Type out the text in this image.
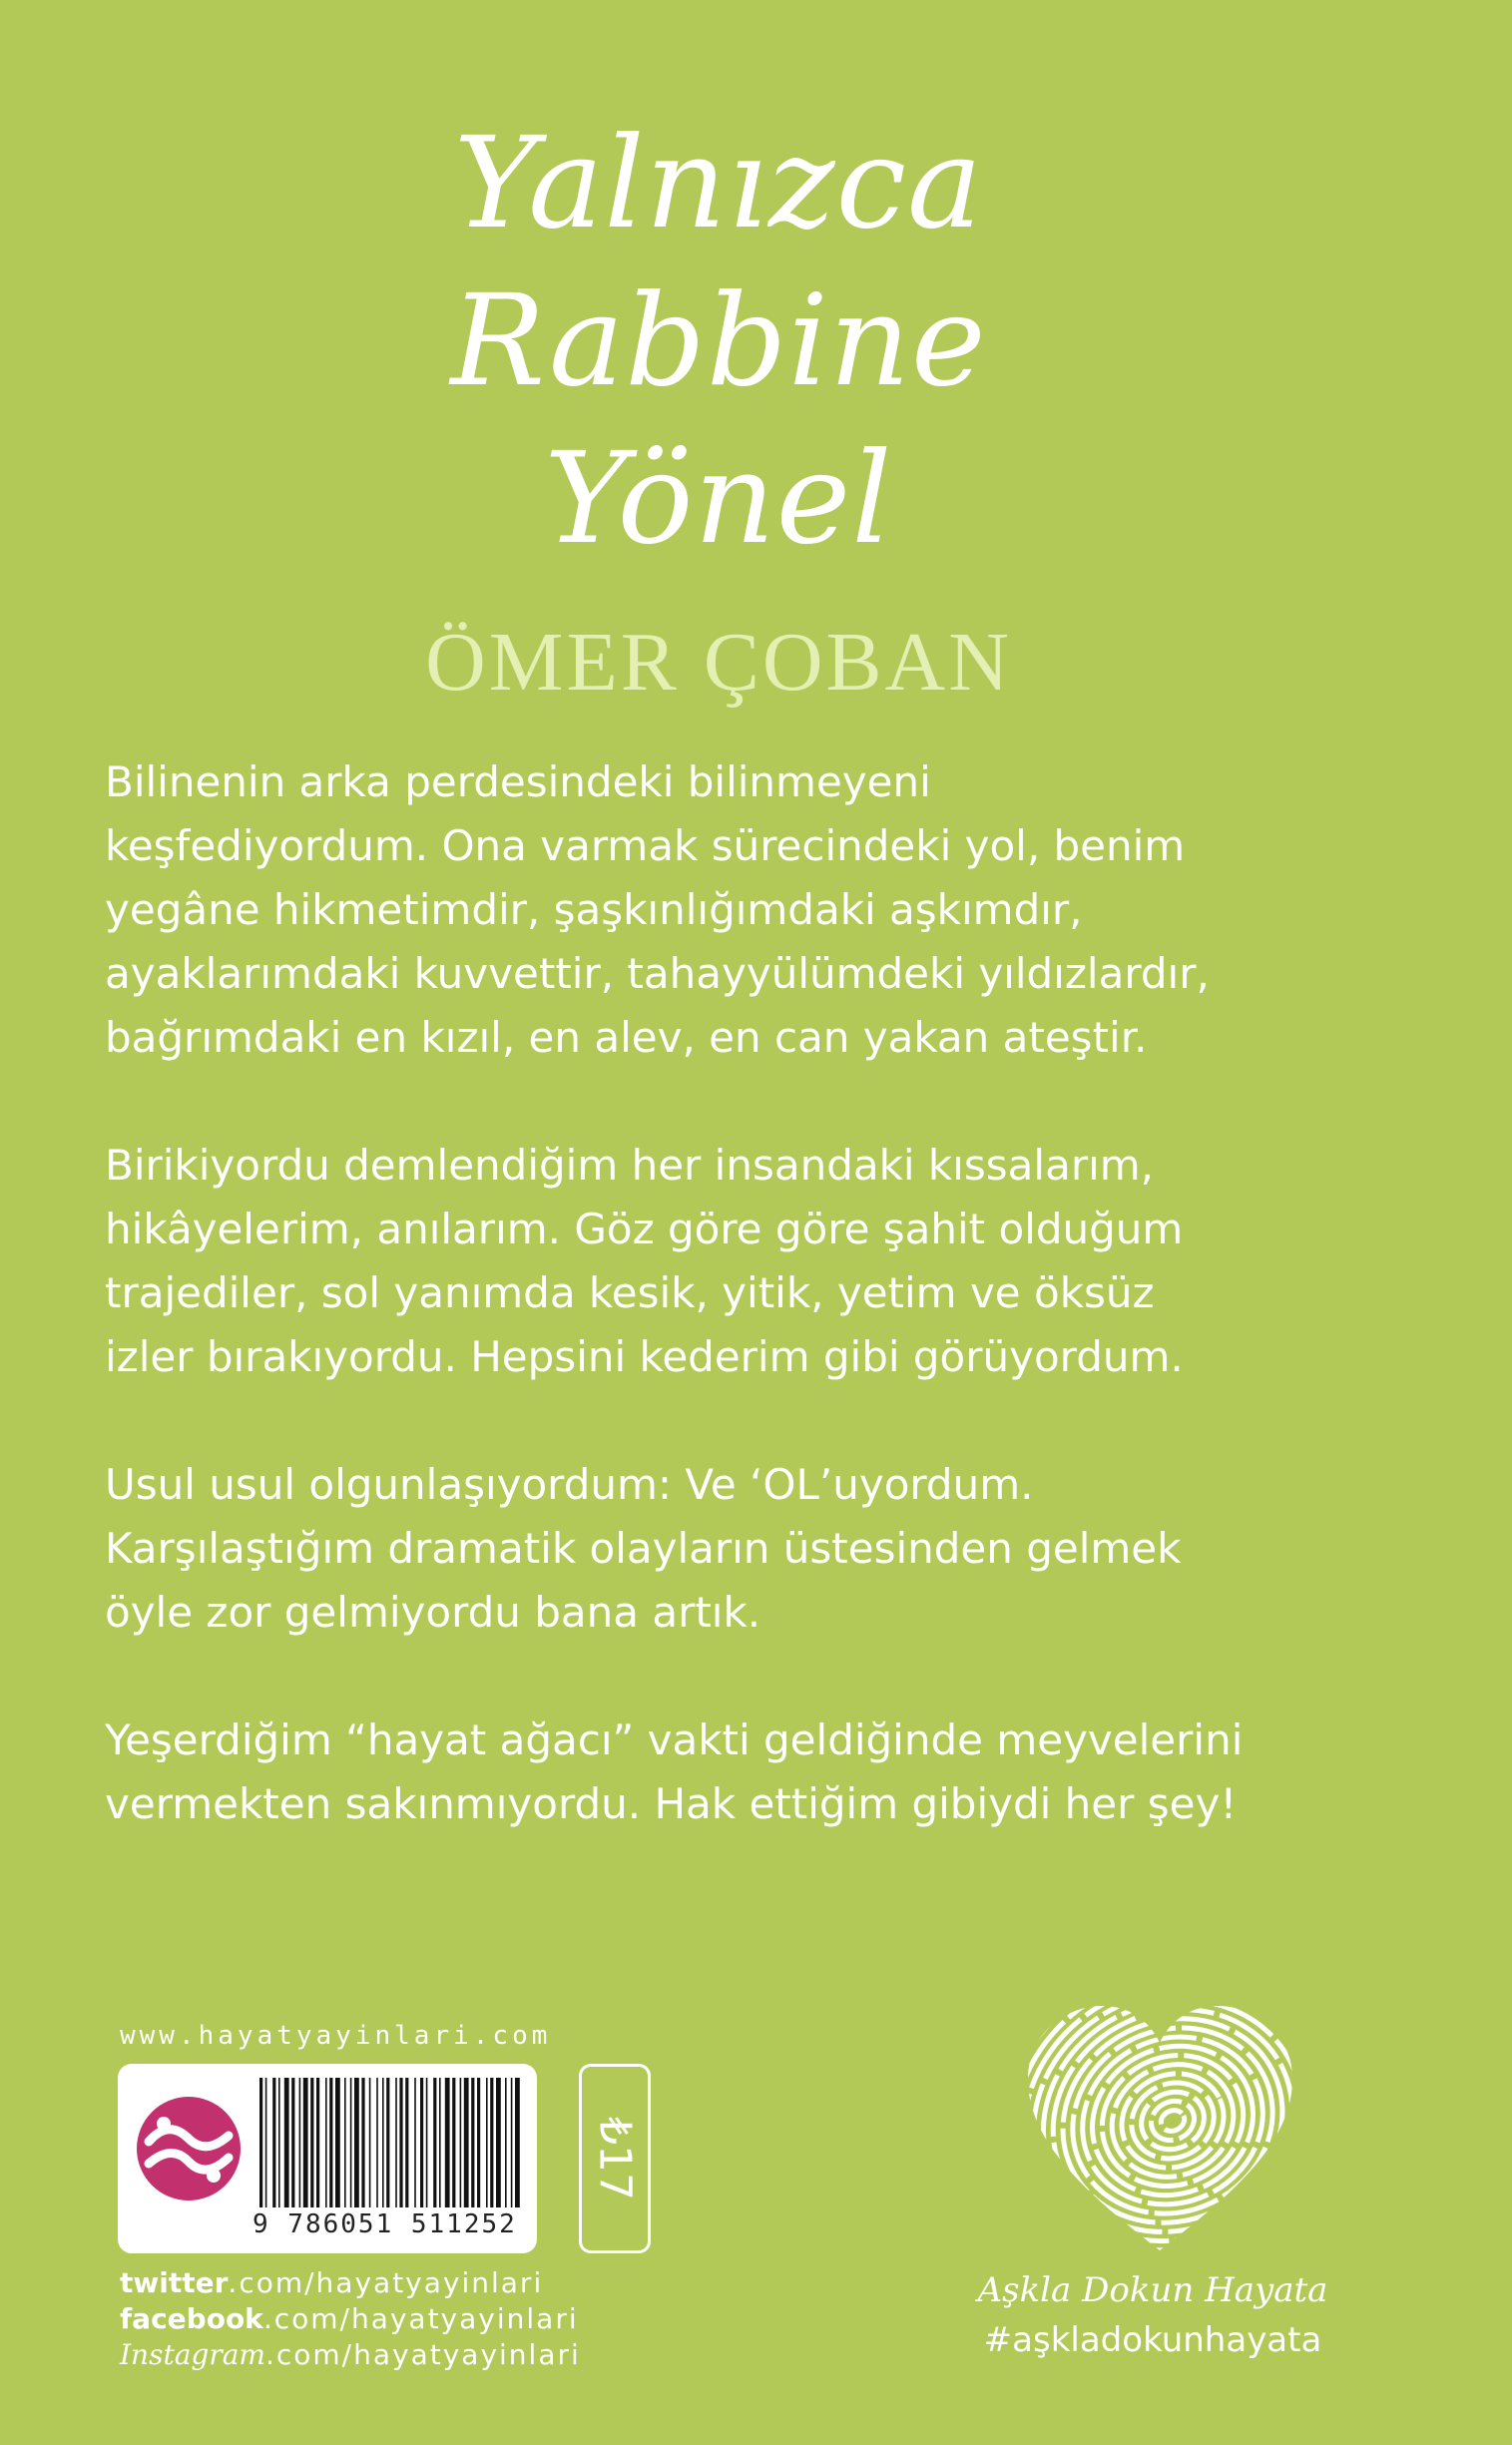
Yalnızca
Rabbine
Yönel
ÖMER ÇOBAN
Bilinenin arka perdesindeki bilinmeyeni
keşfediyordum. Ona varmak sürecindeki yol, benim
yegâne hikmetimdir, şaşkınlığımdaki aşkımdır,
ayaklarımdaki kuvvettir, tahayyülümdeki yıldızlardır,
bağrımdaki en kızıl, en alev, en can yakan ateştir.
Birikiyordu demlendiğim her insandaki kıssalarım,
hikâyelerim, anılarım. Göz göre göre şahit olduğum
trajediler, sol yanımda kesik, yitik, yetim ve öksüz
izler bırakıyordu. Hepsini kederim gibi görüyordum.
Usul usul olgunlaşıyordum: Ve ‘OL’uyordum.
Karşılaştığım dramatik olayların üstesinden gelmek
öyle zor gelmiyordu bana artık.
Yeşerdiğim “hayat ağacı” vakti geldiğinde meyvelerini
vermekten sakınmıyordu. Hak ettiğim gibiydi her şey!
www.hayatyayinlari.com
9 786051 511252
₺17
twitter.com/hayatyayinlari
facebook.com/hayatyayinlari
Instagram.com/hayatyayinlari
Aşkla Dokun Hayata
#aşkladokunhayata
